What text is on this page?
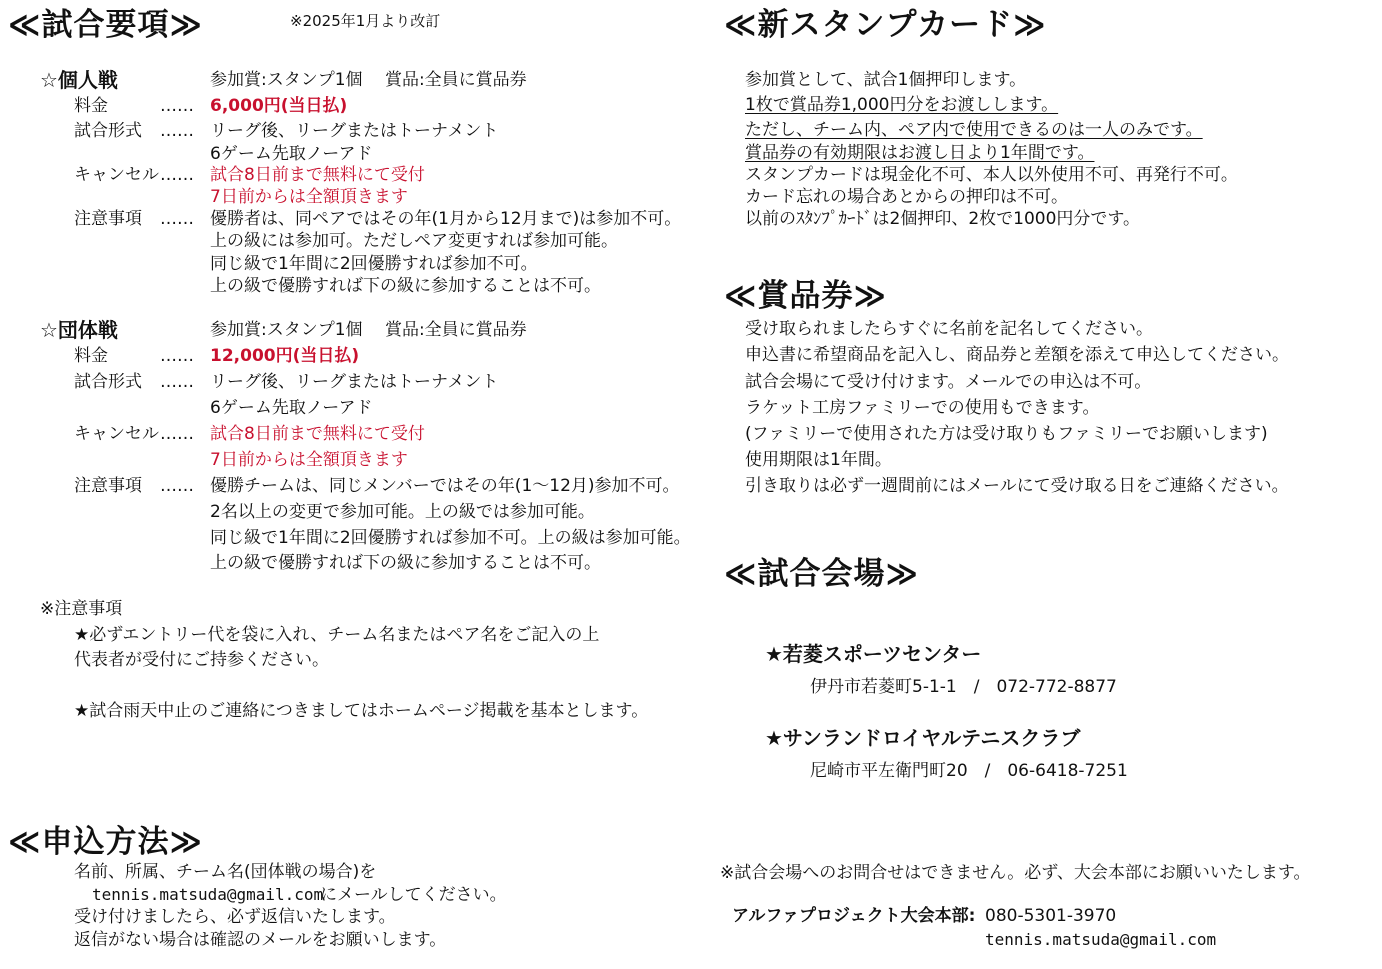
≪試合要項≫	※2025年1月より改訂
☆個人戦	参加賞:スタンプ1個　 賞品:全員に賞品券
料金	…… 6,000円(当日払)
試合形式 …… リーグ後、リーグまたはトーナメント
6ゲーム先取ノーアド
キャンセル …… 試合8日前まで無料にて受付
7日前からは全額頂きます
注意事項 …… 優勝者は、同ペアではその年(1月から12月まで)は参加不可。
上の級には参加可。ただしペア変更すれば参加可能。
同じ級で1年間に2回優勝すれば参加不可。
上の級で優勝すれば下の級に参加することは不可。
☆団体戦	参加賞:スタンプ1個　 賞品:全員に賞品券
料金	…… 12,000円(当日払)
試合形式 …… リーグ後、リーグまたはトーナメント
6ゲーム先取ノーアド
キャンセル …… 試合8日前まで無料にて受付
7日前からは全額頂きます
注意事項 …… 優勝チームは、同じメンバーではその年(1～12月)参加不可。
2名以上の変更で参加可能。上の級では参加可能。
同じ級で1年間に2回優勝すれば参加不可。上の級は参加可能。
上の級で優勝すれば下の級に参加することは不可。
※注意事項
★必ずエントリー代を袋に入れ、チーム名またはペア名をご記入の上
代表者が受付にご持参ください。
★試合雨天中止のご連絡につきましてはホームページ掲載を基本とします。
≪申込方法≫
名前、所属、チーム名(団体戦の場合)を
tennis.matsuda@gmail.com
にメールしてください。
受け付けましたら、必ず返信いたします。
返信がない場合は確認のメールをお願いします。
≪新スタンプカード≫
参加賞として、試合1個押印します。
1枚で賞品券1,000円分をお渡しします。
ただし、チーム内、ペア内で使用できるのは一人のみです。
賞品券の有効期限はお渡し日より1年間です。
スタンプカードは現金化不可、本人以外使用不可、再発行不可。
カード忘れの場合あとからの押印は不可。
以前のｽﾀﾝﾌﾟｶｰﾄﾞは2個押印、2枚で1000円分です。
≪賞品券≫
受け取られましたらすぐに名前を記名してください。
申込書に希望商品を記入し、商品券と差額を添えて申込してください。
試合会場にて受け付けます。メールでの申込は不可。
ラケット工房ファミリーでの使用もできます。
(ファミリーで使用された方は受け取りもファミリーでお願いします)
使用期限は1年間。
引き取りは必ず一週間前にはメールにて受け取る日をご連絡ください。
≪試合会場≫
★若菱スポーツセンター
伊丹市若菱町5-1-1　/　072-772-8877
★サンランドロイヤルテニスクラブ
尼崎市平左衛門町20　/　06-6418-7251
※試合会場へのお問合せはできません。必ず、大会本部にお願いいたします。
アルファプロジェクト大会本部: 080-5301-3970
tennis.matsuda@gmail.com
